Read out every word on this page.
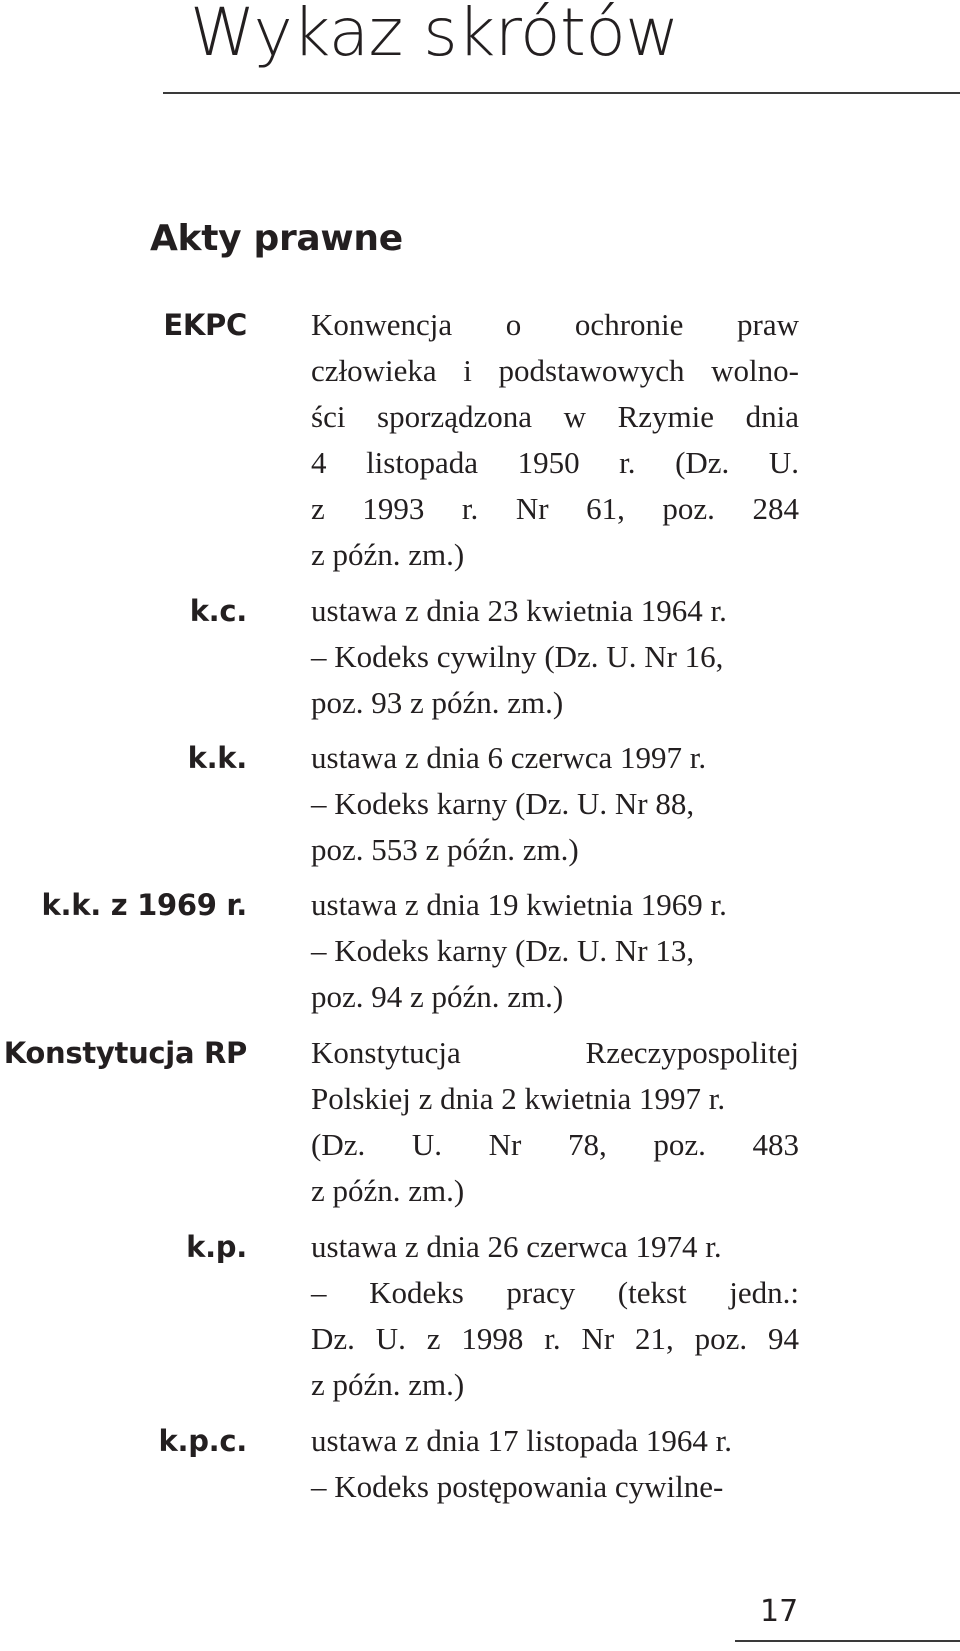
Wykaz skrótów
Akty prawne
EKPC Konwencja o ochronie praw
człowieka i podstawowych wolno-
ści sporządzona w Rzymie dnia
4 listopada 1950 r. (Dz. U.
z 1993 r. Nr 61, poz. 284
z późn. zm.)
k.c. ustawa z dnia 23 kwietnia 1964 r.
– Kodeks cywilny (Dz. U. Nr 16,
poz. 93 z późn. zm.)
k.k. ustawa z dnia 6 czerwca 1997 r.
– Kodeks karny (Dz. U. Nr 88,
poz. 553 z późn. zm.)
k.k. z 1969 r. ustawa z dnia 19 kwietnia 1969 r.
– Kodeks karny (Dz. U. Nr 13,
poz. 94 z późn. zm.)
Konstytucja RP Konstytucja Rzeczypospolitej
Polskiej z dnia 2 kwietnia 1997 r.
(Dz. U. Nr 78, poz. 483
z późn. zm.)
k.p. ustawa z dnia 26 czerwca 1974 r.
– Kodeks pracy (tekst jedn.:
Dz. U. z 1998 r. Nr 21, poz. 94
z późn. zm.)
k.p.c. ustawa z dnia 17 listopada 1964 r.
– Kodeks postępowania cywilne-
17
